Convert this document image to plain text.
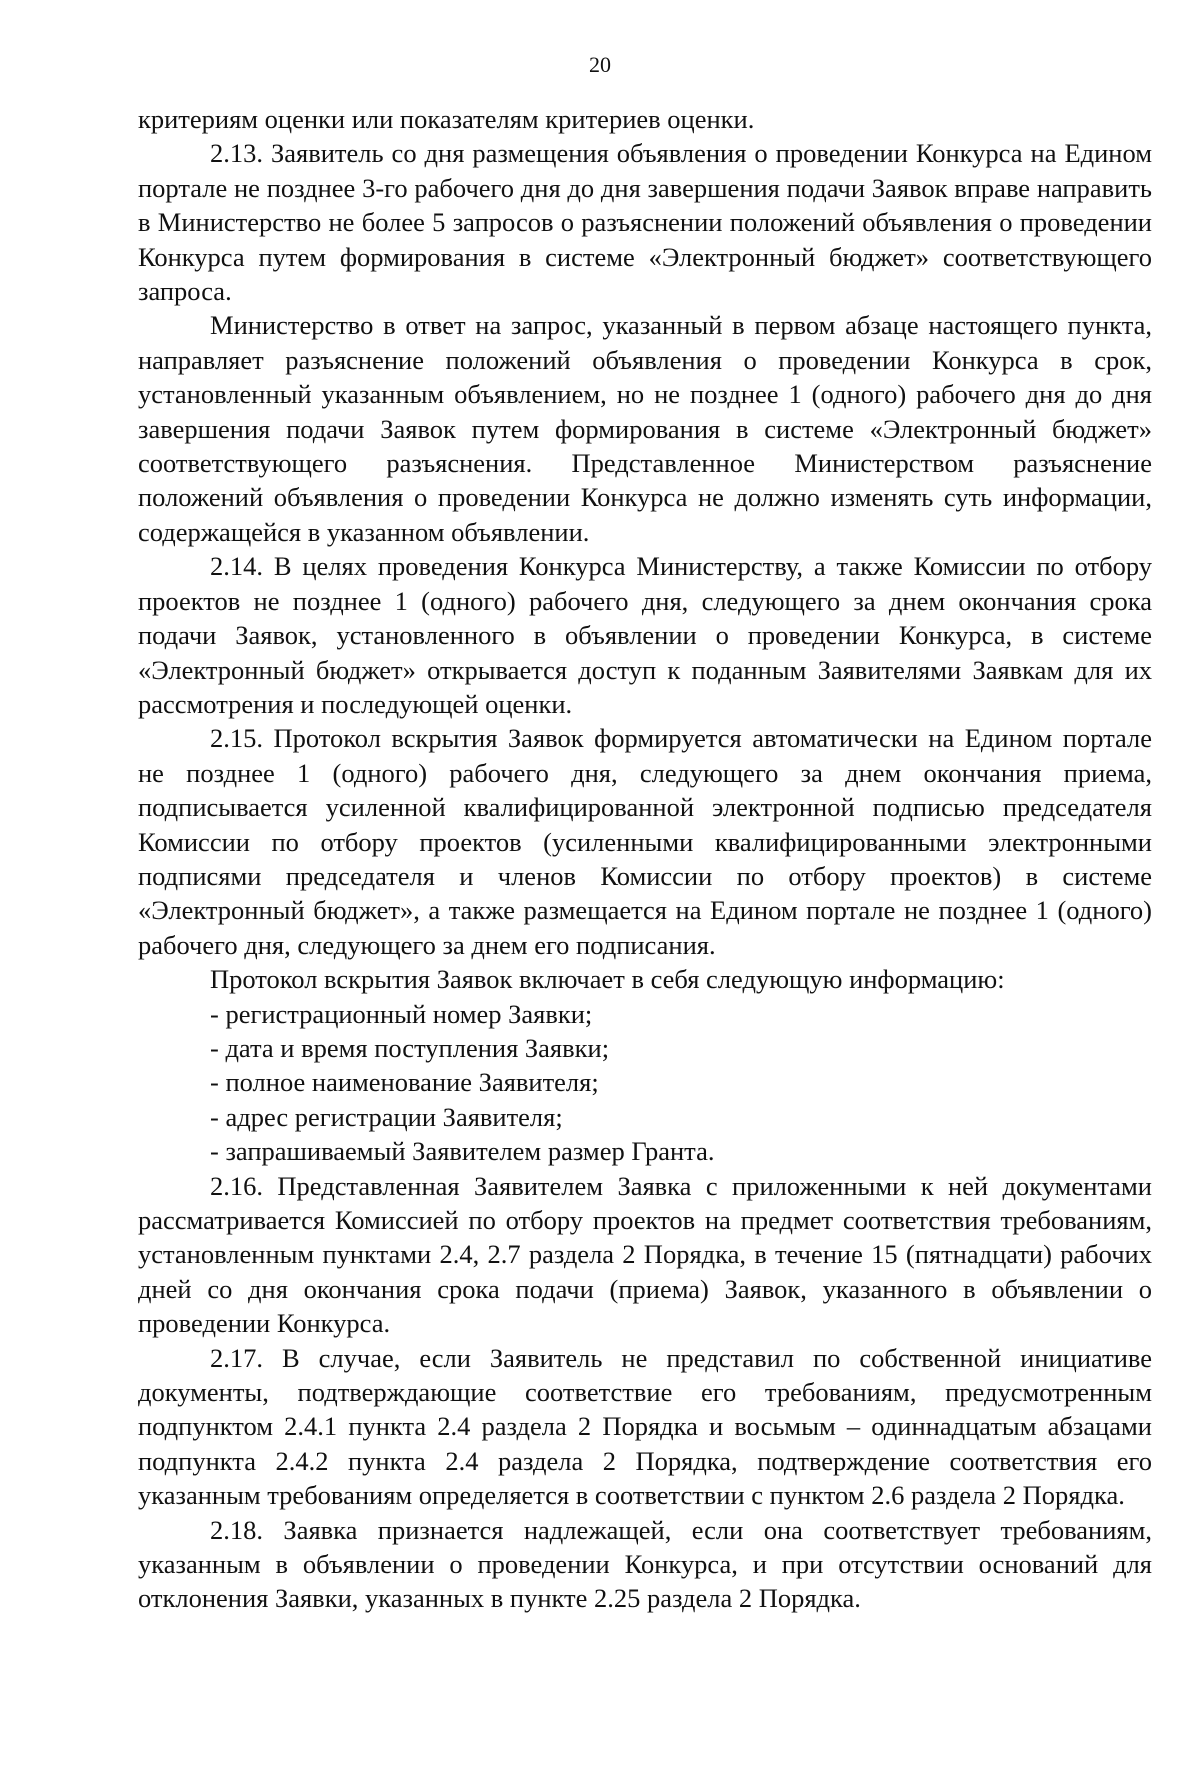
20

критериям оценки или показателям критериев оценки.

2.13. Заявитель со дня размещения объявления о проведении Конкурса на Едином портале не позднее 3-го рабочего дня до дня завершения подачи Заявок вправе направить в Министерство не более 5 запросов о разъяснении положений объявления о проведении Конкурса путем формирования в системе «Электронный бюджет» соответствующего запроса.

Министерство в ответ на запрос, указанный в первом абзаце настоящего пункта, направляет разъяснение положений объявления о проведении Конкурса в срок, установленный указанным объявлением, но не позднее 1 (одного) рабочего дня до дня завершения подачи Заявок путем формирования в системе «Электронный бюджет» соответствующего разъяснения. Представленное Министерством разъяснение положений объявления о проведении Конкурса не должно изменять суть информации, содержащейся в указанном объявлении.

2.14. В целях проведения Конкурса Министерству, а также Комиссии по отбору проектов не позднее 1 (одного) рабочего дня, следующего за днем окончания срока подачи Заявок, установленного в объявлении о проведении Конкурса, в системе «Электронный бюджет» открывается доступ к поданным Заявителями Заявкам для их рассмотрения и последующей оценки.

2.15. Протокол вскрытия Заявок формируется автоматически на Едином портале не позднее 1 (одного) рабочего дня, следующего за днем окончания приема, подписывается усиленной квалифицированной электронной подписью председателя Комиссии по отбору проектов (усиленными квалифицированными электронными подписями председателя и членов Комиссии по отбору проектов) в системе «Электронный бюджет», а также размещается на Едином портале не позднее 1 (одного) рабочего дня, следующего за днем его подписания.

Протокол вскрытия Заявок включает в себя следующую информацию:

- регистрационный номер Заявки;

- дата и время поступления Заявки;

- полное наименование Заявителя;

- адрес регистрации Заявителя;

- запрашиваемый Заявителем размер Гранта.

2.16. Представленная Заявителем Заявка с приложенными к ней документами рассматривается Комиссией по отбору проектов на предмет соответствия требованиям, установленным пунктами 2.4, 2.7 раздела 2 Порядка, в течение 15 (пятнадцати) рабочих дней со дня окончания срока подачи (приема) Заявок, указанного в объявлении о проведении Конкурса.

2.17. В случае, если Заявитель не представил по собственной инициативе документы, подтверждающие соответствие его требованиям, предусмотренным подпунктом 2.4.1 пункта 2.4 раздела 2 Порядка и восьмым – одиннадцатым абзацами подпункта 2.4.2 пункта 2.4 раздела 2 Порядка, подтверждение соответствия его указанным требованиям определяется в соответствии с пунктом 2.6 раздела 2 Порядка.

2.18. Заявка признается надлежащей, если она соответствует требованиям, указанным в объявлении о проведении Конкурса, и при отсутствии оснований для отклонения Заявки, указанных в пункте 2.25 раздела 2 Порядка.
